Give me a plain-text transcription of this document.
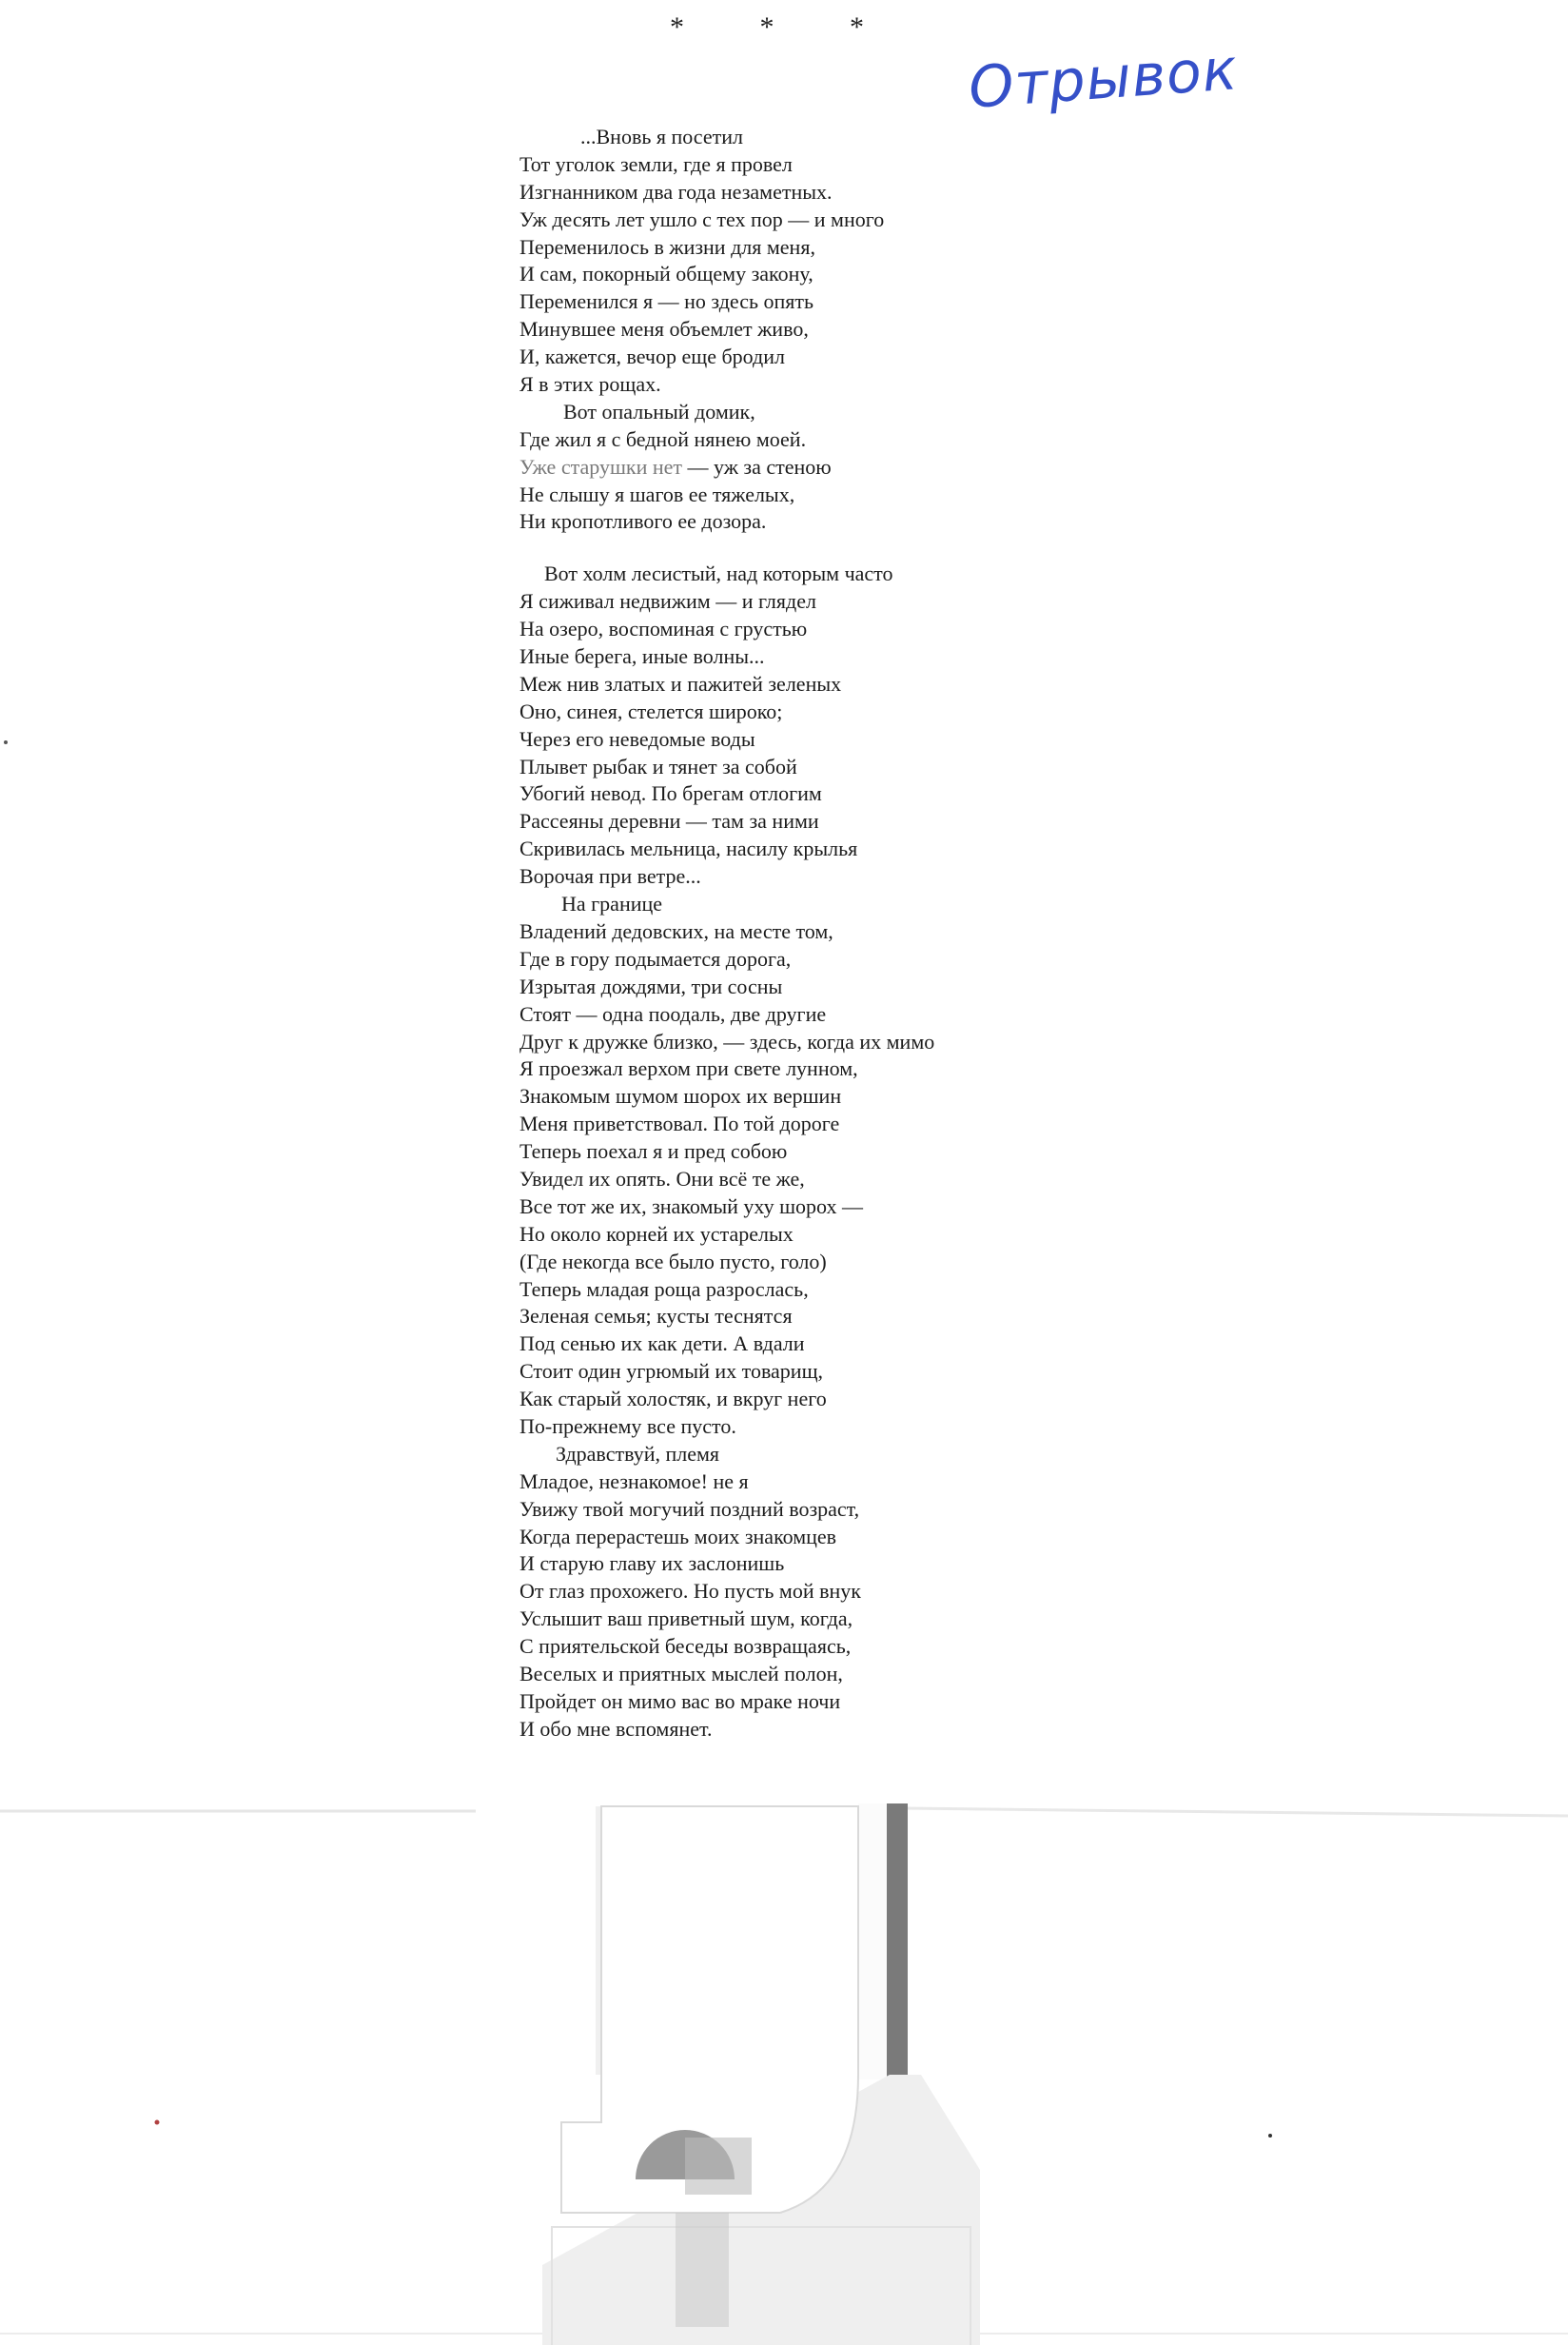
* * *
Отрывок
...Вновь я посетил
Тот уголок земли, где я провел
Изгнанником два года незаметных.
Уж десять лет ушло с тех пор — и много
Переменилось в жизни для меня,
И сам, покорный общему закону,
Переменился я — но здесь опять
Минувшее меня объемлет живо,
И, кажется, вечор еще бродил
Я в этих рощах.
Вот опальный домик,
Где жил я с бедной нянею моей.
Уже старушки нет — уж за стеною
Не слышу я шагов ее тяжелых,
Ни кропотливого ее дозора.
Вот холм лесистый, над которым часто
Я сиживал недвижим — и глядел
На озеро, воспоминая с грустью
Иные берега, иные волны...
Меж нив златых и пажитей зеленых
Оно, синея, стелется широко;
Через его неведомые воды
Плывет рыбак и тянет за собой
Убогий невод. По брегам отлогим
Рассеяны деревни — там за ними
Скривилась мельница, насилу крылья
Ворочая при ветре...
На границе
Владений дедовских, на месте том,
Где в гору подымается дорога,
Изрытая дождями, три сосны
Стоят — одна поодаль, две другие
Друг к дружке близко, — здесь, когда их мимо
Я проезжал верхом при свете лунном,
Знакомым шумом шорох их вершин
Меня приветствовал. По той дороге
Теперь поехал я и пред собою
Увидел их опять. Они всё те же,
Все тот же их, знакомый уху шорох —
Но около корней их устарелых
(Где некогда все было пусто, голо)
Теперь младая роща разрослась,
Зеленая семья; кусты теснятся
Под сенью их как дети. А вдали
Стоит один угрюмый их товарищ,
Как старый холостяк, и вкруг него
По-прежнему все пусто.
Здравствуй, племя
Младое, незнакомое! не я
Увижу твой могучий поздний возраст,
Когда перерастешь моих знакомцев
И старую главу их заслонишь
От глаз прохожего. Но пусть мой внук
Услышит ваш приветный шум, когда,
С приятельской беседы возвращаясь,
Веселых и приятных мыслей полон,
Пройдет он мимо вас во мраке ночи
И обо мне вспомянет.
